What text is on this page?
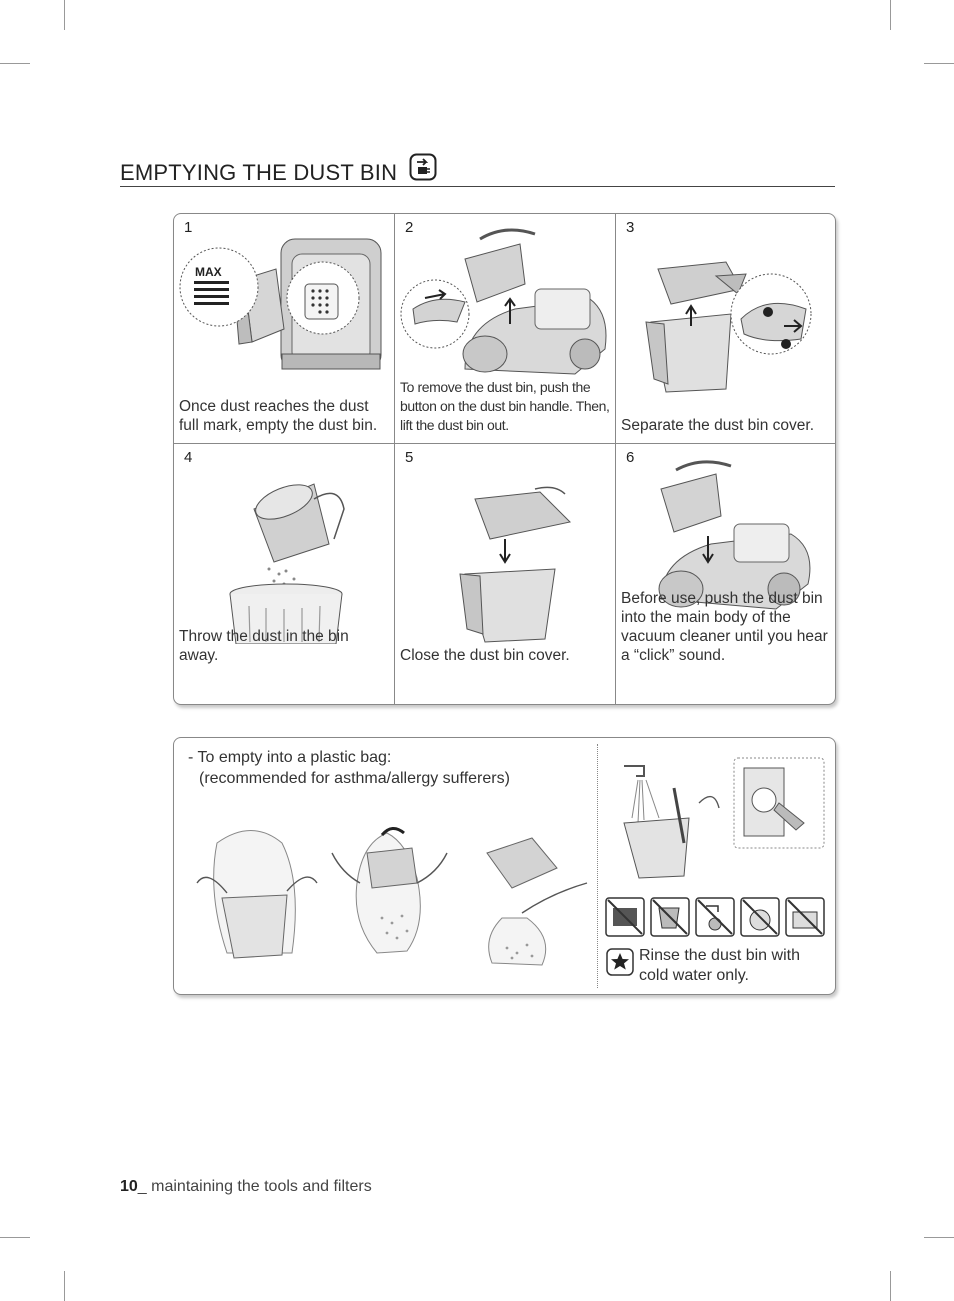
EMPTYING THE DUST BIN
MAX
1
Once dust reaches the dust full mark, empty the dust bin.
2
To remove the dust bin, push the button on the dust bin handle. Then, lift the dust bin out.
3
Separate the dust bin cover.
4
Throw the dust in the bin away.
5
Close the dust bin cover.
6
Before use, push the dust bin into the main body of the vacuum cleaner until you hear a “click” sound.
- To empty into a plastic bag:
(recommended for asthma/allergy sufferers)
Rinse the dust bin with
cold water only.
10_ maintaining the tools and filters
